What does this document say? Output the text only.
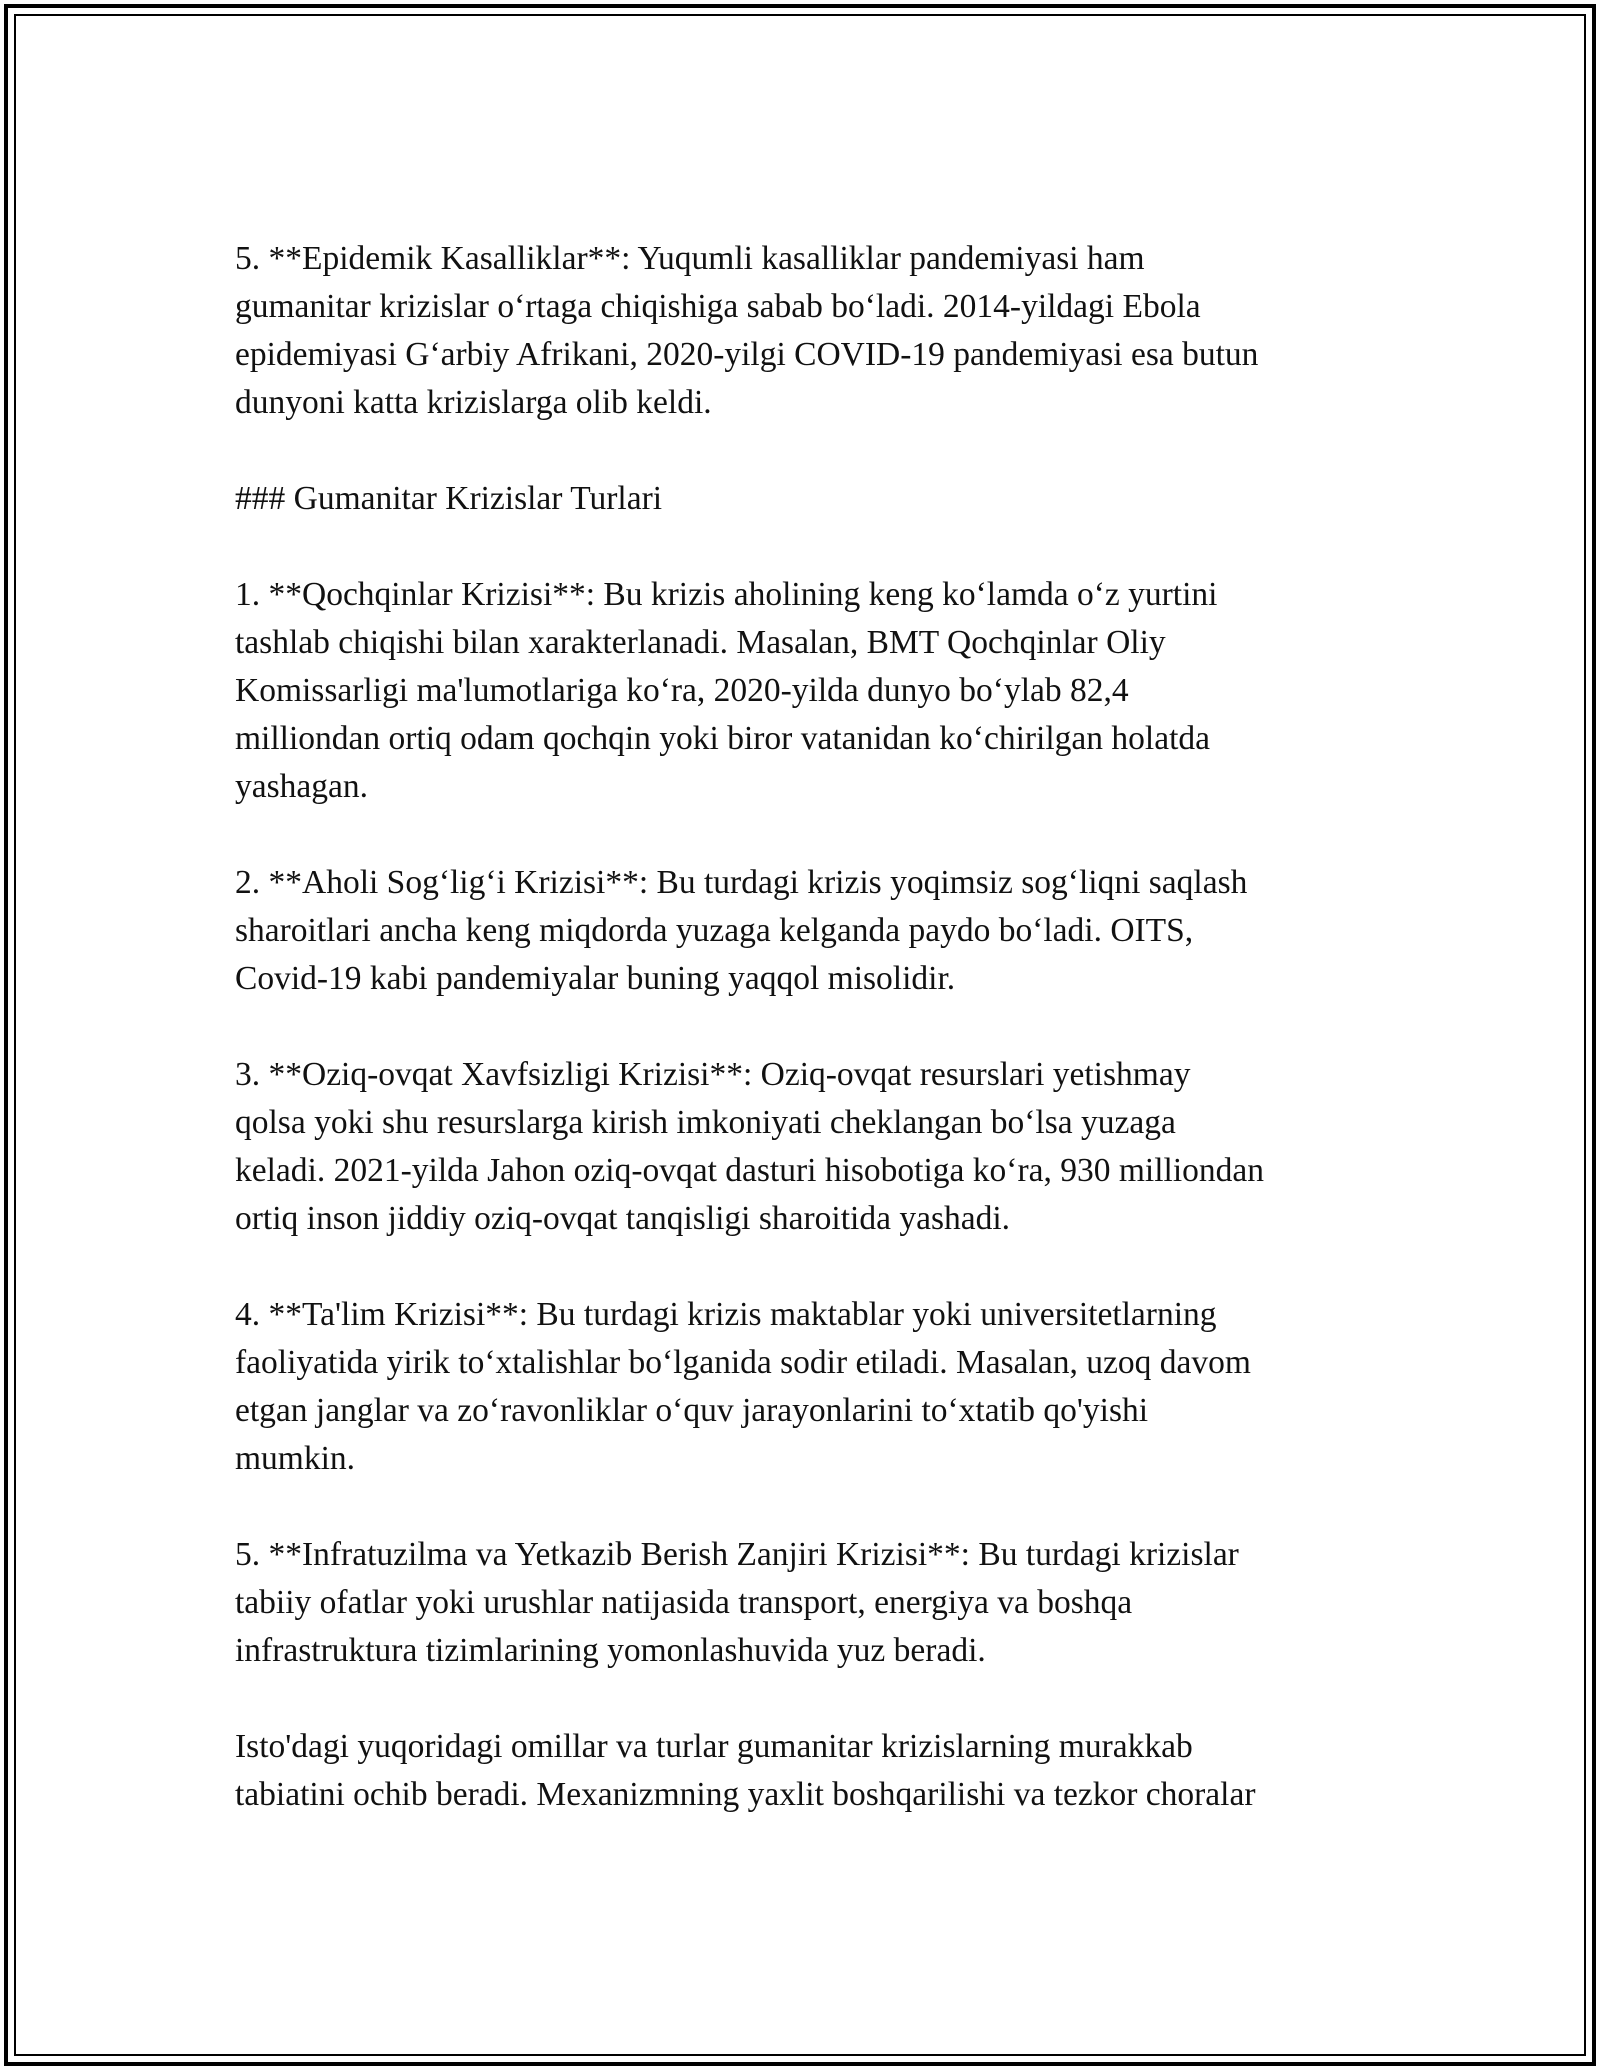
5. **Epidemik Kasalliklar**: Yuqumli kasalliklar pandemiyasi ham
gumanitar krizislar oʻrtaga chiqishiga sabab boʻladi. 2014-yildagi Ebola
epidemiyasi Gʻarbiy Afrikani, 2020-yilgi COVID-19 pandemiyasi esa butun
dunyoni katta krizislarga olib keldi.

### Gumanitar Krizislar Turlari

1. **Qochqinlar Krizisi**: Bu krizis aholining keng koʻlamda oʻz yurtini
tashlab chiqishi bilan xarakterlanadi. Masalan, BMT Qochqinlar Oliy
Komissarligi ma'lumotlariga koʻra, 2020-yilda dunyo boʻylab 82,4
milliondan ortiq odam qochqin yoki biror vatanidan koʻchirilgan holatda
yashagan.

2. **Aholi Sogʻligʻi Krizisi**: Bu turdagi krizis yoqimsiz sogʻliqni saqlash
sharoitlari ancha keng miqdorda yuzaga kelganda paydo boʻladi. OITS,
Covid-19 kabi pandemiyalar buning yaqqol misolidir.

3. **Oziq-ovqat Xavfsizligi Krizisi**: Oziq-ovqat resurslari yetishmay
qolsa yoki shu resurslarga kirish imkoniyati cheklangan boʻlsa yuzaga
keladi. 2021-yilda Jahon oziq-ovqat dasturi hisobotiga koʻra, 930 milliondan
ortiq inson jiddiy oziq-ovqat tanqisligi sharoitida yashadi.

4. **Ta'lim Krizisi**: Bu turdagi krizis maktablar yoki universitetlarning
faoliyatida yirik toʻxtalishlar boʻlganida sodir etiladi. Masalan, uzoq davom
etgan janglar va zoʻravonliklar oʻquv jarayonlarini toʻxtatib qo'yishi
mumkin.

5. **Infratuzilma va Yetkazib Berish Zanjiri Krizisi**: Bu turdagi krizislar
tabiiy ofatlar yoki urushlar natijasida transport, energiya va boshqa
infrastruktura tizimlarining yomonlashuvida yuz beradi.

Isto'dagi yuqoridagi omillar va turlar gumanitar krizislarning murakkab
tabiatini ochib beradi. Mexanizmning yaxlit boshqarilishi va tezkor choralar
